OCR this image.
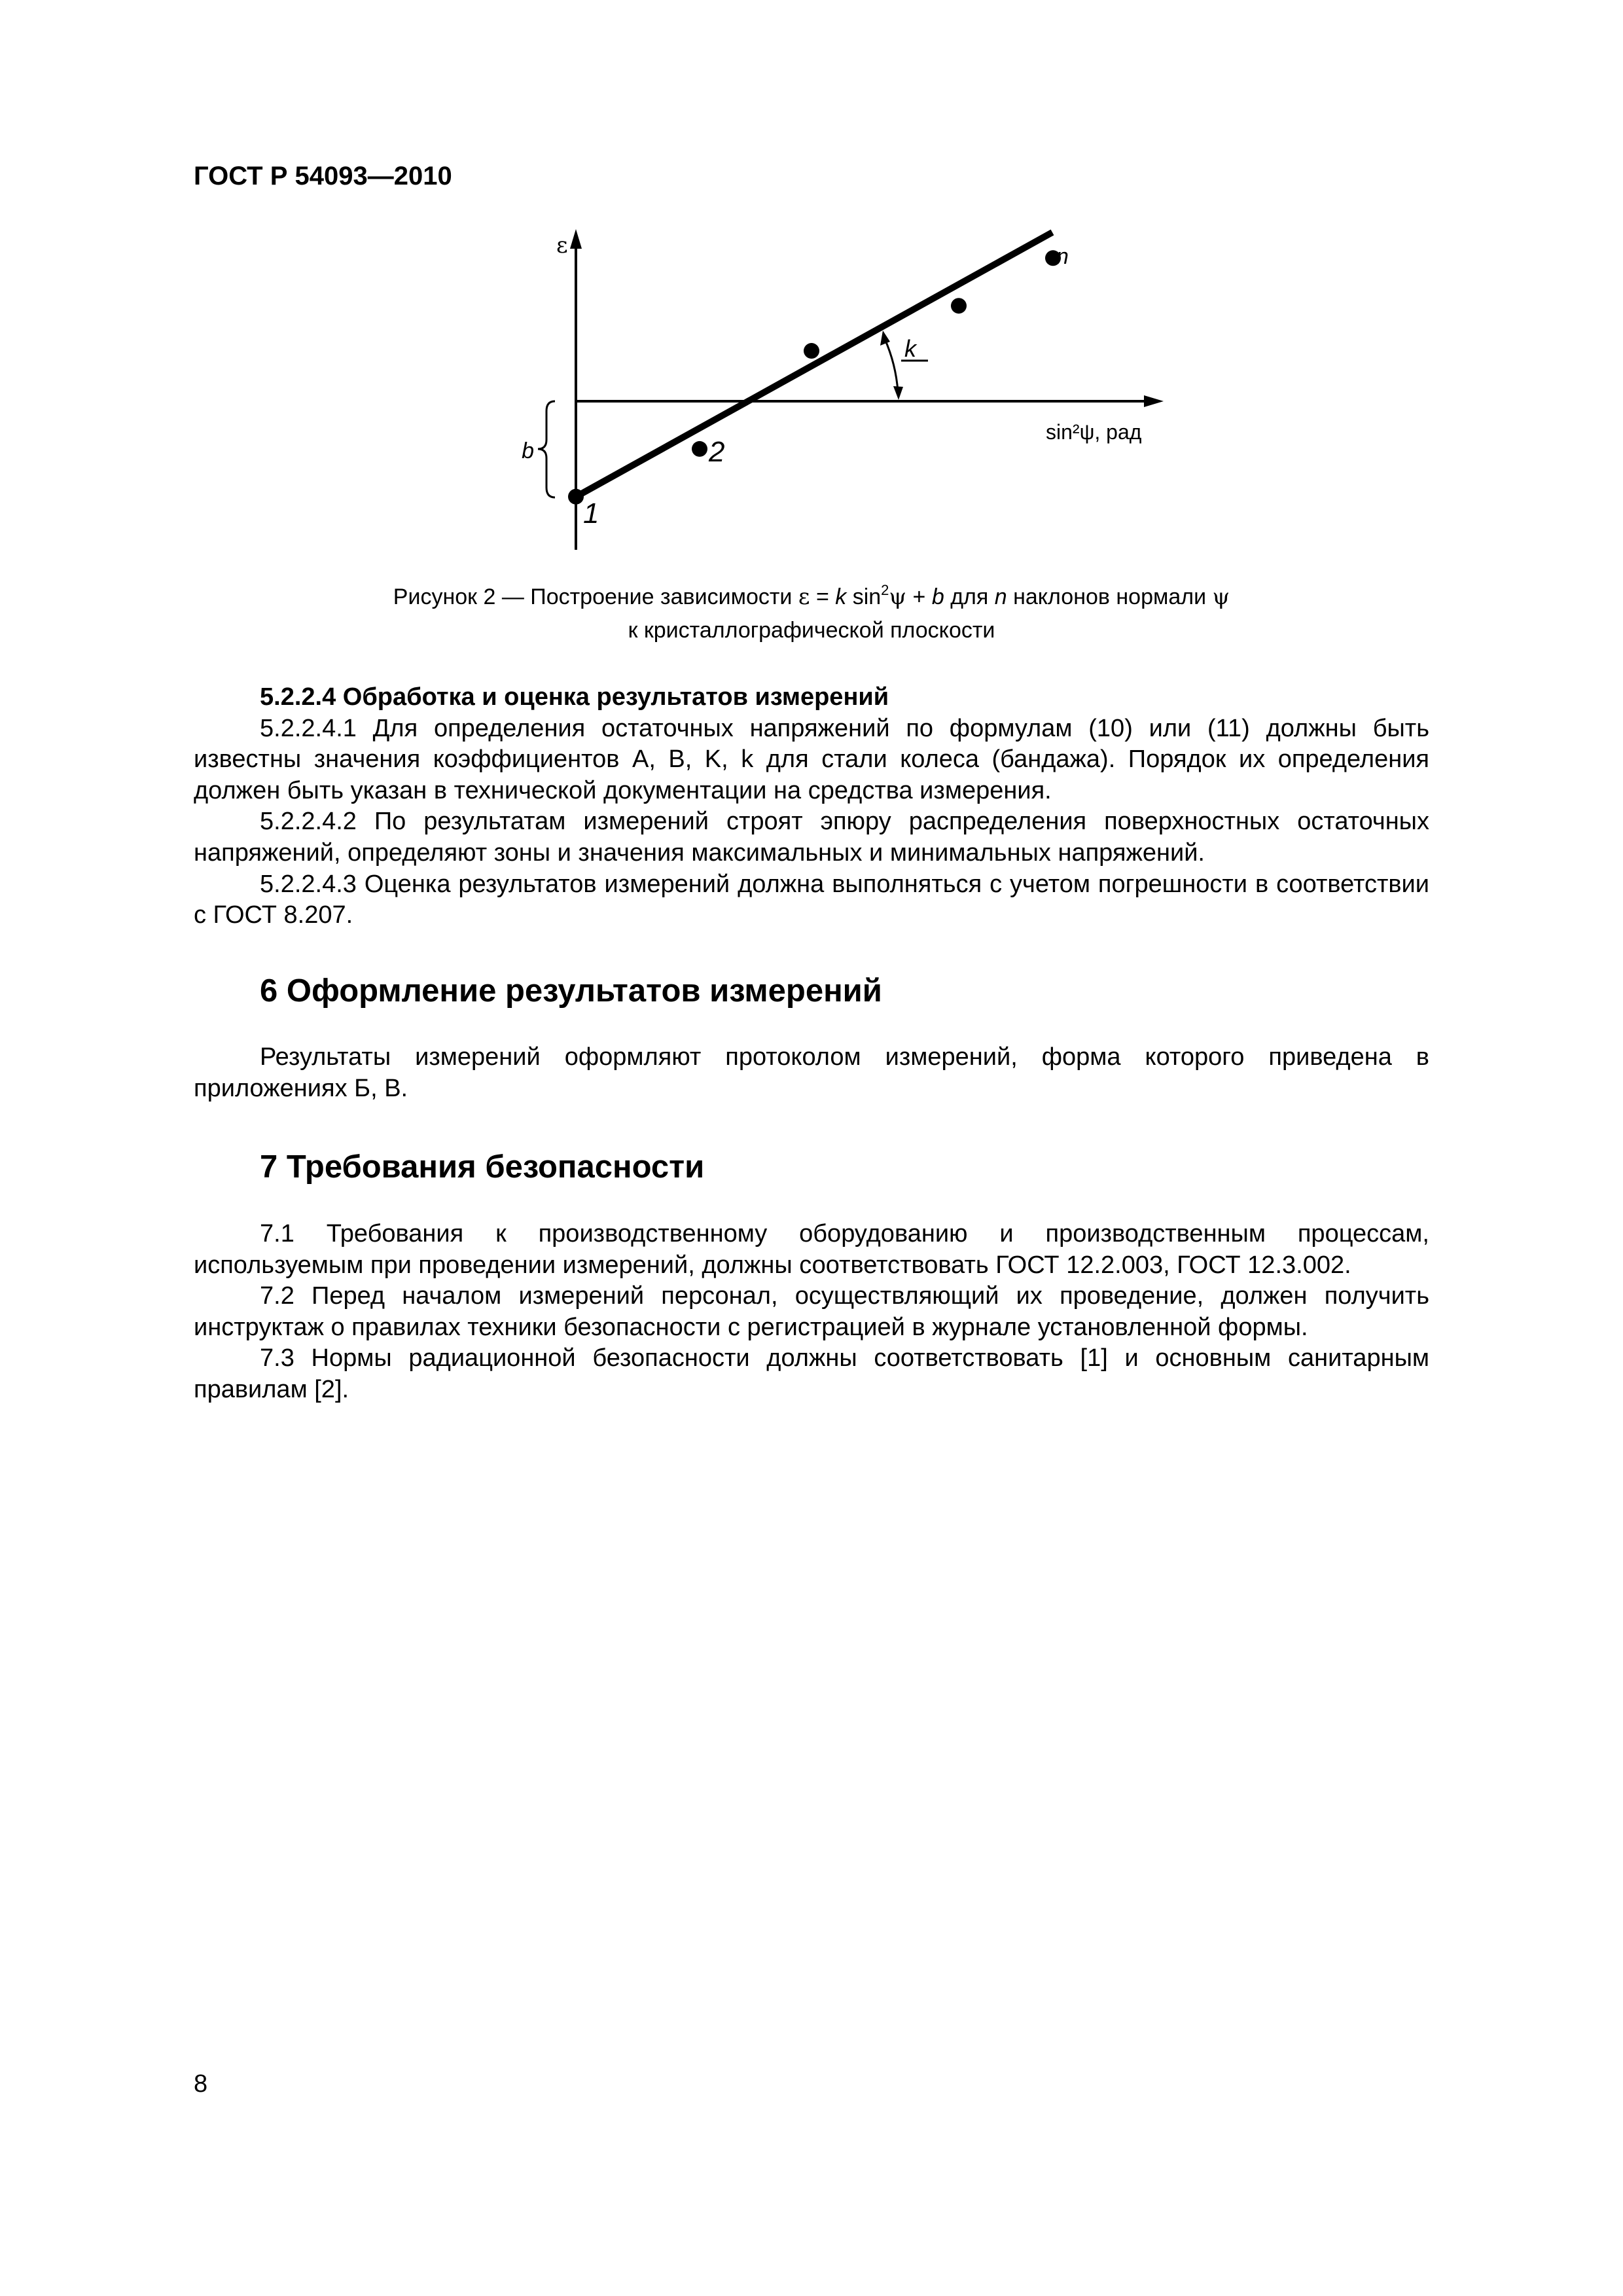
ГОСТ Р 54093—2010
b
k
ε
sin²ψ, рад
1
2
n
Рисунок 2 — Построение зависимости ε = k $\sin^2\psi + b$ для n наклонов нормали ψ
к кристаллографической плоскости

5.2.2.4 Обработка и оценка результатов измерений

5.2.2.4.1 Для определения остаточных напряжений по формулам (10) или (11) должны быть известны значения коэффициентов A, B, K, k для стали колеса (бандажа). Порядок их определения должен быть указан в технической документации на средства измерения.

5.2.2.4.2 По результатам измерений строят эпюру распределения поверхностных остаточных напряжений, определяют зоны и значения максимальных и минимальных напряжений.

5.2.2.4.3 Оценка результатов измерений должна выполняться с учетом погрешности в соответствии с ГОСТ 8.207.

6 Оформление результатов измерений

Результаты измерений оформляют протоколом измерений, форма которого приведена в приложениях Б, В.

7 Требования безопасности

7.1 Требования к производственному оборудованию и производственным процессам, используемым при проведении измерений, должны соответствовать ГОСТ 12.2.003, ГОСТ 12.3.002.

7.2 Перед началом измерений персонал, осуществляющий их проведение, должен получить инструктаж о правилах техники безопасности с регистрацией в журнале установленной формы.

7.3 Нормы радиационной безопасности должны соответствовать [1] и основным санитарным правилам [2].

8
